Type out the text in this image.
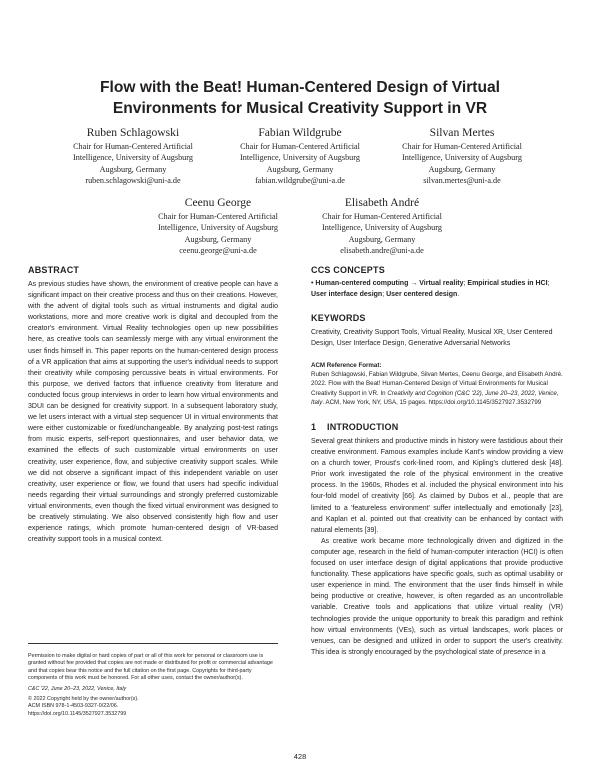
Flow with the Beat! Human-Centered Design of Virtual
Environments for Musical Creativity Support in VR
Ruben Schlagowski
Chair for Human-Centered Artificial
Intelligence, University of Augsburg
Augsburg, Germany
ruben.schlagowski@uni-a.de
Fabian Wildgrube
Chair for Human-Centered Artificial
Intelligence, University of Augsburg
Augsburg, Germany
fabian.wildgrube@uni-a.de
Silvan Mertes
Chair for Human-Centered Artificial
Intelligence, University of Augsburg
Augsburg, Germany
silvan.mertes@uni-a.de
Ceenu George
Chair for Human-Centered Artificial
Intelligence, University of Augsburg
Augsburg, Germany
ceenu.george@uni-a.de
Elisabeth André
Chair for Human-Centered Artificial
Intelligence, University of Augsburg
Augsburg, Germany
elisabeth.andre@uni-a.de
ABSTRACT

As previous studies have shown, the environment of creative people can have a significant impact on their creative process and thus on their creations. However, with the advent of digital tools such as virtual instruments and digital audio workstations, more and more creative work is digital and decoupled from the creator's environment. Virtual Reality technologies open up new possibilities here, as creative tools can seamlessly merge with any virtual environment the user finds himself in. This paper reports on the human-centered design process of a VR application that aims at supporting the user's individual needs to support their creativity while composing percussive beats in virtual environments. For this purpose, we derived factors that influence creativity from literature and conducted focus group interviews in order to learn how virtual environments and 3DUI can be designed for creativity support. In a subsequent laboratory study, we let users interact with a virtual step sequencer UI in virtual environments that were either customizable or fixed/unchangeable. By analyzing post-test ratings from music experts, self-report questionnaires, and user behavior data, we examined the effects of such customizable virtual environments on user creativity, user experience, flow, and subjective creativity support scales. While we did not observe a significant impact of this independent variable on user creativity, user experience or flow, we found that users had specific individual needs regarding their virtual surroundings and strongly preferred customizable virtual environments, even though the fixed virtual environment was designed to be creatively stimulating. We also observed consistently high flow and user experience ratings, which promote human-centered design of VR-based creativity support tools in a musical context.

Permission to make digital or hard copies of part or all of this work for personal or classroom use is granted without fee provided that copies are not made or distributed for profit or commercial advantage and that copies bear this notice and the full citation on the first page. Copyrights for third-party components of this work must be honored. For all other uses, contact the owner/author(s).

C&C '22, June 20–23, 2022, Venice, Italy

© 2022 Copyright held by the owner/author(s).

ACM ISBN 978-1-4503-9327-0/22/06.

https://doi.org/10.1145/3527927.3532799

CCS CONCEPTS

• Human-centered computing → Virtual reality; Empirical studies in HCI; User interface design; User centered design.

KEYWORDS

Creativity, Creativity Support Tools, Virtual Reality, Musical XR, User Centered Design, User Interface Design, Generative Adversarial Networks

ACM Reference Format:

Ruben Schlagowski, Fabian Wildgrube, Silvan Mertes, Ceenu George, and Elisabeth André. 2022. Flow with the Beat! Human-Centered Design of Virtual Environments for Musical Creativity Support in VR. In Creativity and Cognition (C&C '22), June 20–23, 2022, Venice, Italy. ACM, New York, NY, USA, 15 pages. https://doi.org/10.1145/3527927.3532799

1    INTRODUCTION

Several great thinkers and productive minds in history were fastidious about their creative environment. Famous examples include Kant's window providing a view on a church tower, Proust's cork-lined room, and Kipling's cluttered desk [48]. Prior work investigated the role of the physical environment in the creative process. In the 1960s, Rhodes et al. included the physical environment into his four-fold model of creativity [66]. As claimed by Dubos et al., people that are limited to a 'featureless environment' suffer intellectually and emotionally [23], and Kaplan et al. pointed out that creativity can be enhanced by contact with natural elements [39].

As creative work became more technologically driven and digitized in the computer age, research in the field of human-computer interaction (HCI) is often focused on user interface design of digital applications that provide productive functionality. These applications have specific goals, such as optimal usability or user experience in mind. The environment that the user finds himself in while being productive or creative, however, is often regarded as an uncontrollable variable. Creative tools and applications that utilize virtual reality (VR) technologies provide the unique opportunity to break this paradigm and rethink how virtual environments (VEs), such as virtual landscapes, work places or venues, can be designed and utilized in order to support the user's creativity. This idea is strongly encouraged by the psychological state of presence in a

428
